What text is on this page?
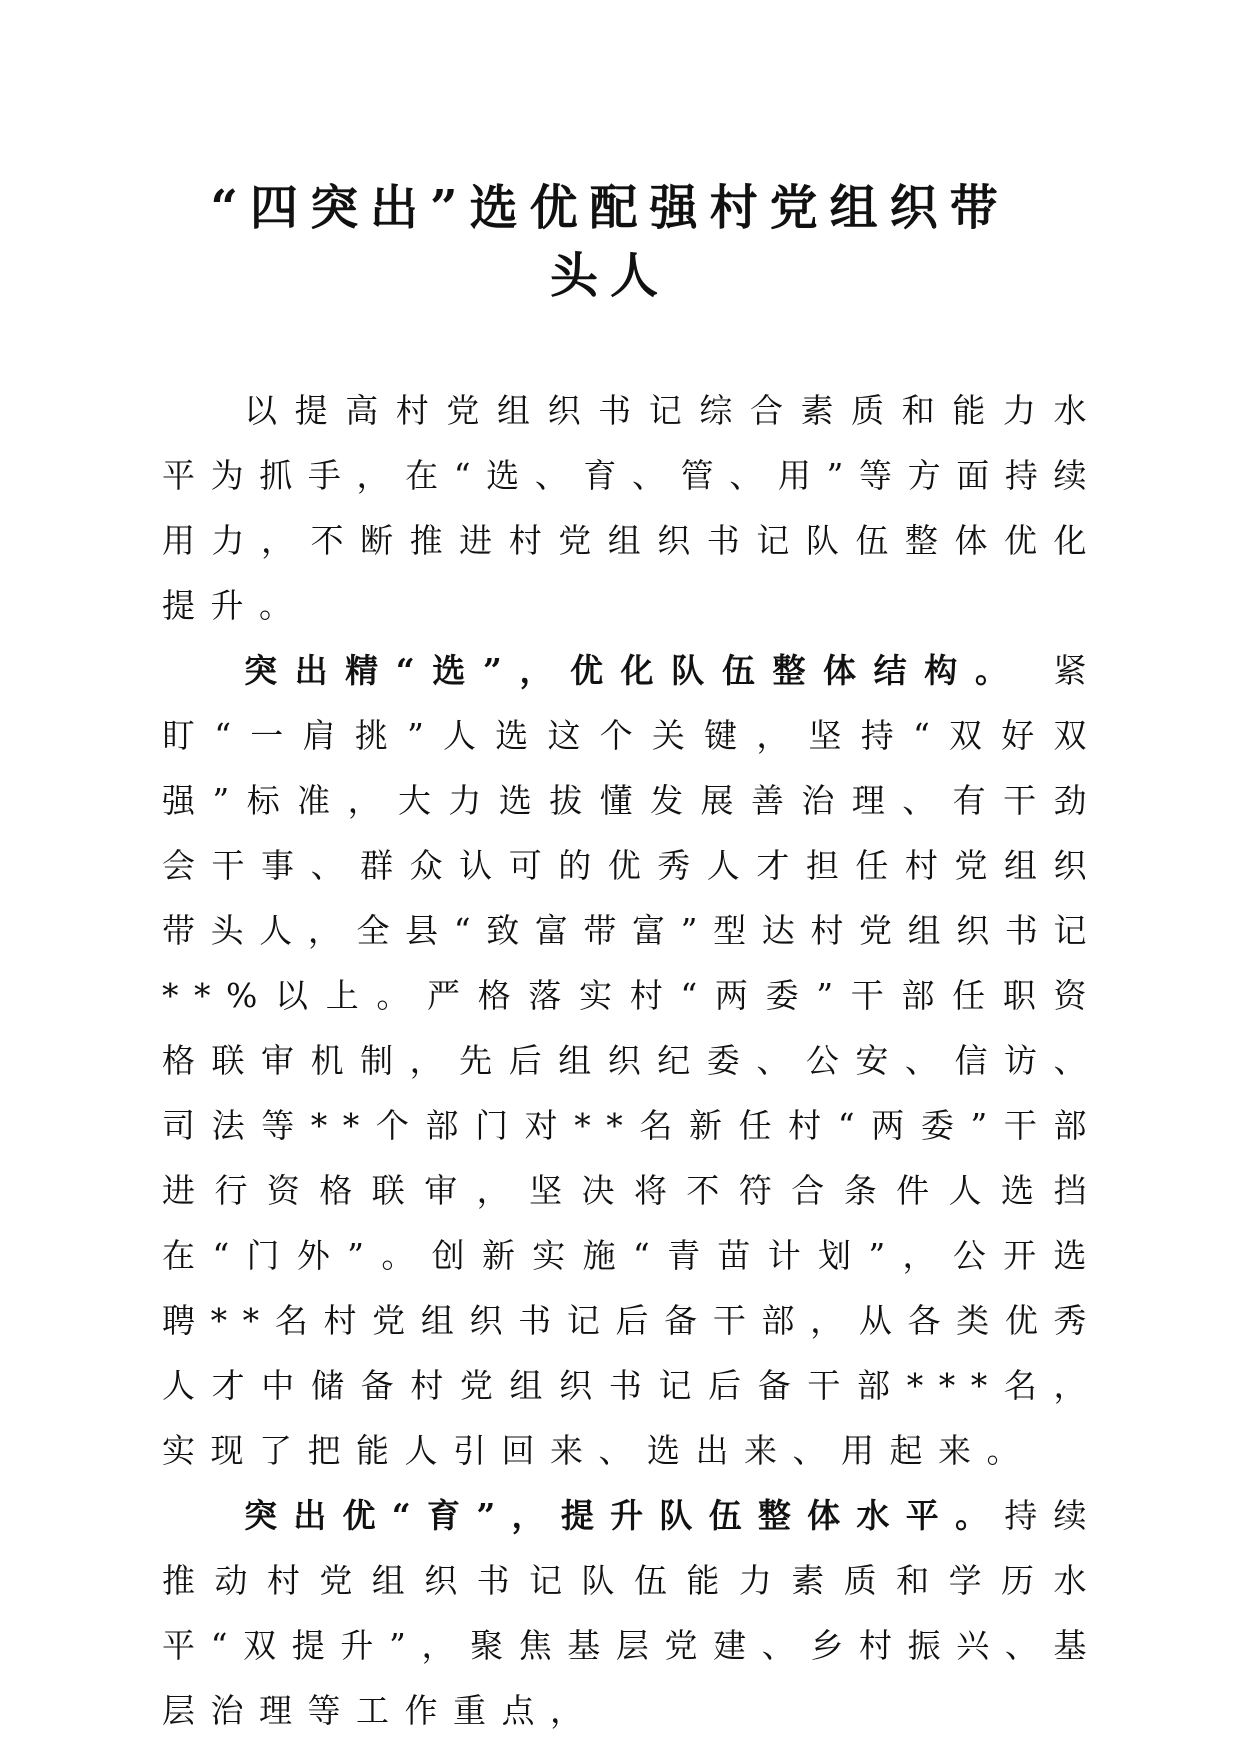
“四突出”选优配强村党组织带
头人

以提高村党组织书记综合素质和能力水平为抓手，在“选、育、管、用”等方面持续用力，不断推进村党组织书记队伍整体优化提升。

突出精“选”，优化队伍整体结构。 紧盯“一肩挑”人选这个关键，坚持“双好双强”标准，大力选拔懂发展善治理、有干劲会干事、群众认可的优秀人才担任村党组织带头人，全县“致富带富”型达村党组织书记**%以上。严格落实村“两委”干部任职资格联审机制，先后组织纪委、公安、信访、司法等**个部门对**名新任村“两委”干部进行资格联审，坚决将不符合条件人选挡在“门外”。创新实施“青苗计划”，公开选聘**名村党组织书记后备干部，从各类优秀人才中储备村党组织书记后备干部***名，实现了把能人引回来、选出来、用起来。

突出优“育”，提升队伍整体水平。持续推动村党组织书记队伍能力素质和学历水平“双提升”，聚焦基层党建、乡村振兴、基层治理等工作重点，
